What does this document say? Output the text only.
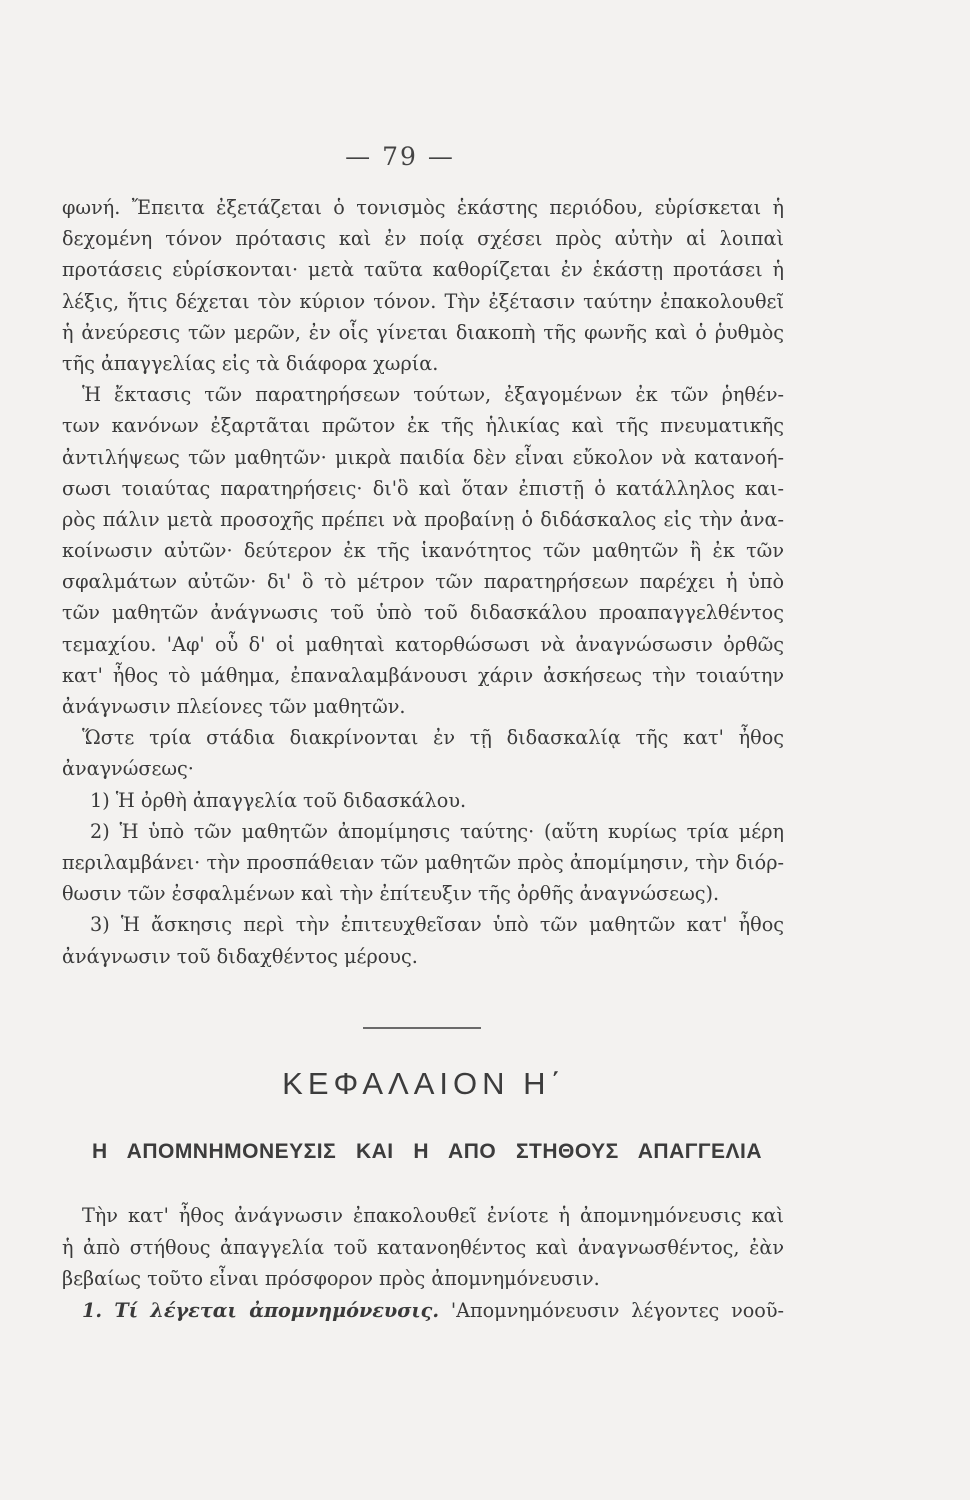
— 79 —
φωνή. Ἔπειτα ἐξετάζεται ὁ τονισμὸς ἑκάστης περιόδου, εὑρίσκεται ἡ
δεχομένη τόνον πρότασις καὶ ἐν ποίᾳ σχέσει πρὸς αὐτὴν αἱ λοιπαὶ
προτάσεις εὑρίσκονται· μετὰ ταῦτα καθορίζεται ἐν ἑκάστῃ προτάσει ἡ
λέξις, ἥτις δέχεται τὸν κύριον τόνον. Τὴν ἐξέτασιν ταύτην ἐπακολουθεῖ
ἡ ἀνεύρεσις τῶν μερῶν, ἐν οἷς γίνεται διακοπὴ τῆς φωνῆς καὶ ὁ ῥυθμὸς
τῆς ἀπαγγελίας εἰς τὰ διάφορα χωρία.
Ἡ ἔκτασις τῶν παρατηρήσεων τούτων, ἐξαγομένων ἐκ τῶν ῥηθέν-
των κανόνων ἐξαρτᾶται πρῶτον ἐκ τῆς ἡλικίας καὶ τῆς πνευματικῆς
ἀντιλήψεως τῶν μαθητῶν· μικρὰ παιδία δὲν εἶναι εὔκολον νὰ κατανοή-
σωσι τοιαύτας παρατηρήσεις· δι'ὃ καὶ ὅταν ἐπιστῇ ὁ κατάλληλος και-
ρὸς πάλιν μετὰ προσοχῆς πρέπει νὰ προβαίνῃ ὁ διδάσκαλος εἰς τὴν ἀνα-
κοίνωσιν αὐτῶν· δεύτερον ἐκ τῆς ἱκανότητος τῶν μαθητῶν ἢ ἐκ τῶν
σφαλμάτων αὐτῶν· δι' ὃ τὸ μέτρον τῶν παρατηρήσεων παρέχει ἡ ὑπὸ
τῶν μαθητῶν ἀνάγνωσις τοῦ ὑπὸ τοῦ διδασκάλου προαπαγγελθέντος
τεμαχίου. 'Αφ' οὗ δ' οἱ μαθηταὶ κατορθώσωσι νὰ ἀναγνώσωσιν ὀρθῶς
κατ' ἦθος τὸ μάθημα, ἐπαναλαμβάνουσι χάριν ἀσκήσεως τὴν τοιαύτην
ἀνάγνωσιν πλείονες τῶν μαθητῶν.
Ὥστε τρία στάδια διακρίνονται ἐν τῇ διδασκαλίᾳ τῆς κατ' ἦθος
ἀναγνώσεως·
1) Ἡ ὀρθὴ ἀπαγγελία τοῦ διδασκάλου.
2) Ἡ ὑπὸ τῶν μαθητῶν ἀπομίμησις ταύτης· (αὕτη κυρίως τρία μέρη
περιλαμβάνει· τὴν προσπάθειαν τῶν μαθητῶν πρὸς ἀπομίμησιν, τὴν διόρ-
θωσιν τῶν ἐσφαλμένων καὶ τὴν ἐπίτευξιν τῆς ὀρθῆς ἀναγνώσεως).
3) Ἡ ἄσκησις περὶ τὴν ἐπιτευχθεῖσαν ὑπὸ τῶν μαθητῶν κατ' ἦθος
ἀνάγνωσιν τοῦ διδαχθέντος μέρους.
ΚΕΦΑΛΑΙΟΝ Η΄
Η ΑΠΟΜΝΗΜΟΝΕΥΣΙΣ ΚΑΙ Η ΑΠΟ ΣΤΗΘΟΥΣ ΑΠΑΓΓΕΛΙΑ
Τὴν κατ' ἦθος ἀνάγνωσιν ἐπακολουθεῖ ἐνίοτε ἡ ἀπομνημόνευσις καὶ
ἡ ἀπὸ στήθους ἀπαγγελία τοῦ κατανοηθέντος καὶ ἀναγνωσθέντος, ἐὰν
βεβαίως τοῦτο εἶναι πρόσφορον πρὸς ἀπομνημόνευσιν.
1. Τί λέγεται ἀπομνημόνευσις. 'Απομνημόνευσιν λέγοντες νοοῦ-
